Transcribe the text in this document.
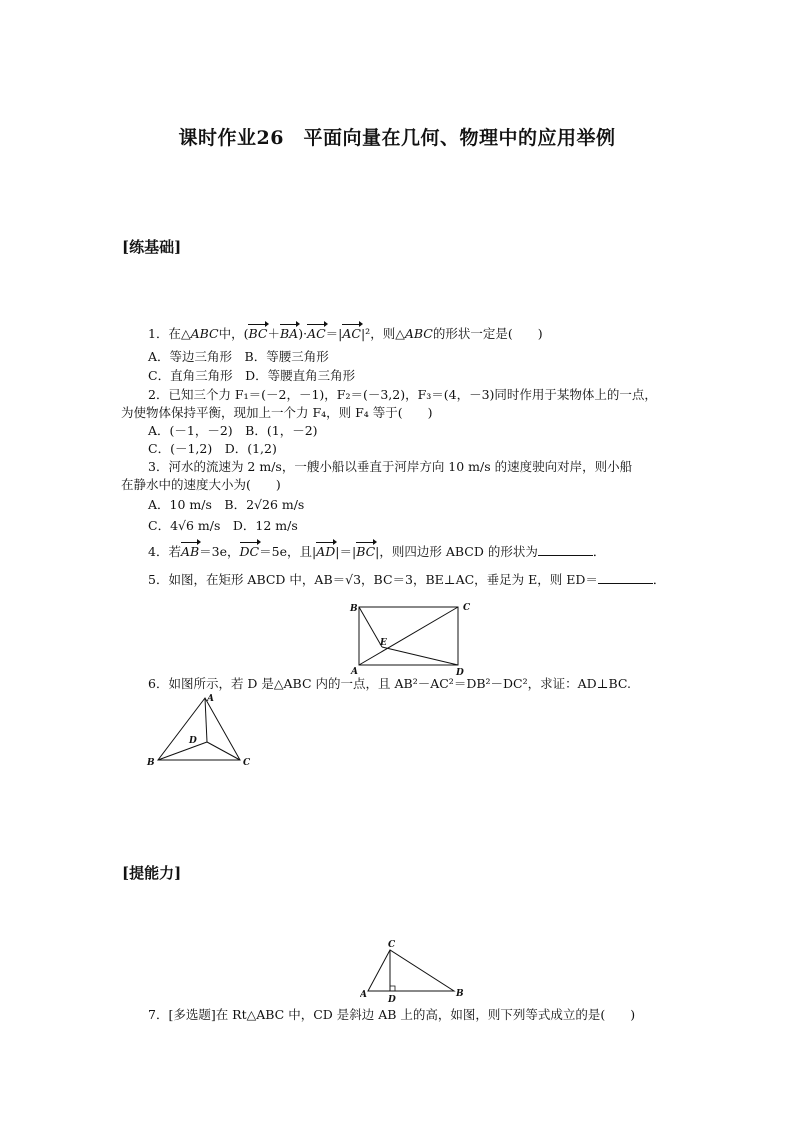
课时作业26　平面向量在几何、物理中的应用举例
[练基础]
1．在△ABC中，(BC＋BA)·AC＝|AC|²，则△ABC的形状一定是(　　)
A．等边三角形　B．等腰三角形
C．直角三角形　D．等腰直角三角形
2．已知三个力 F₁＝(－2，－1)，F₂＝(－3,2)，F₃＝(4，－3)同时作用于某物体上的一点，
为使物体保持平衡，现加上一个力 F₄，则 F₄ 等于(　　)
A．(－1，－2)　B．(1，－2)
C．(－1,2)　D．(1,2)
3．河水的流速为 2 m/s，一艘小船以垂直于河岸方向 10 m/s 的速度驶向对岸，则小船
在静水中的速度大小为(　　)
A．10 m/s　B．2√26 m/s
C．4√6 m/s　D．12 m/s
4．若AB＝3e，DC＝5e，且|AD|＝|BC|，则四边形 ABCD 的形状为	．
5．如图，在矩形 ABCD 中，AB＝√3，BC＝3，BE⊥AC，垂足为 E，则 ED＝	．
B	C
A	D
E
6．如图所示，若 D 是△ABC 内的一点，且 AB²－AC²＝DB²－DC²，求证：AD⊥BC.
A
B	C
D
[提能力]
C
A	B
D
7．[多选题]在 Rt△ABC 中，CD 是斜边 AB 上的高，如图，则下列等式成立的是(　　)
